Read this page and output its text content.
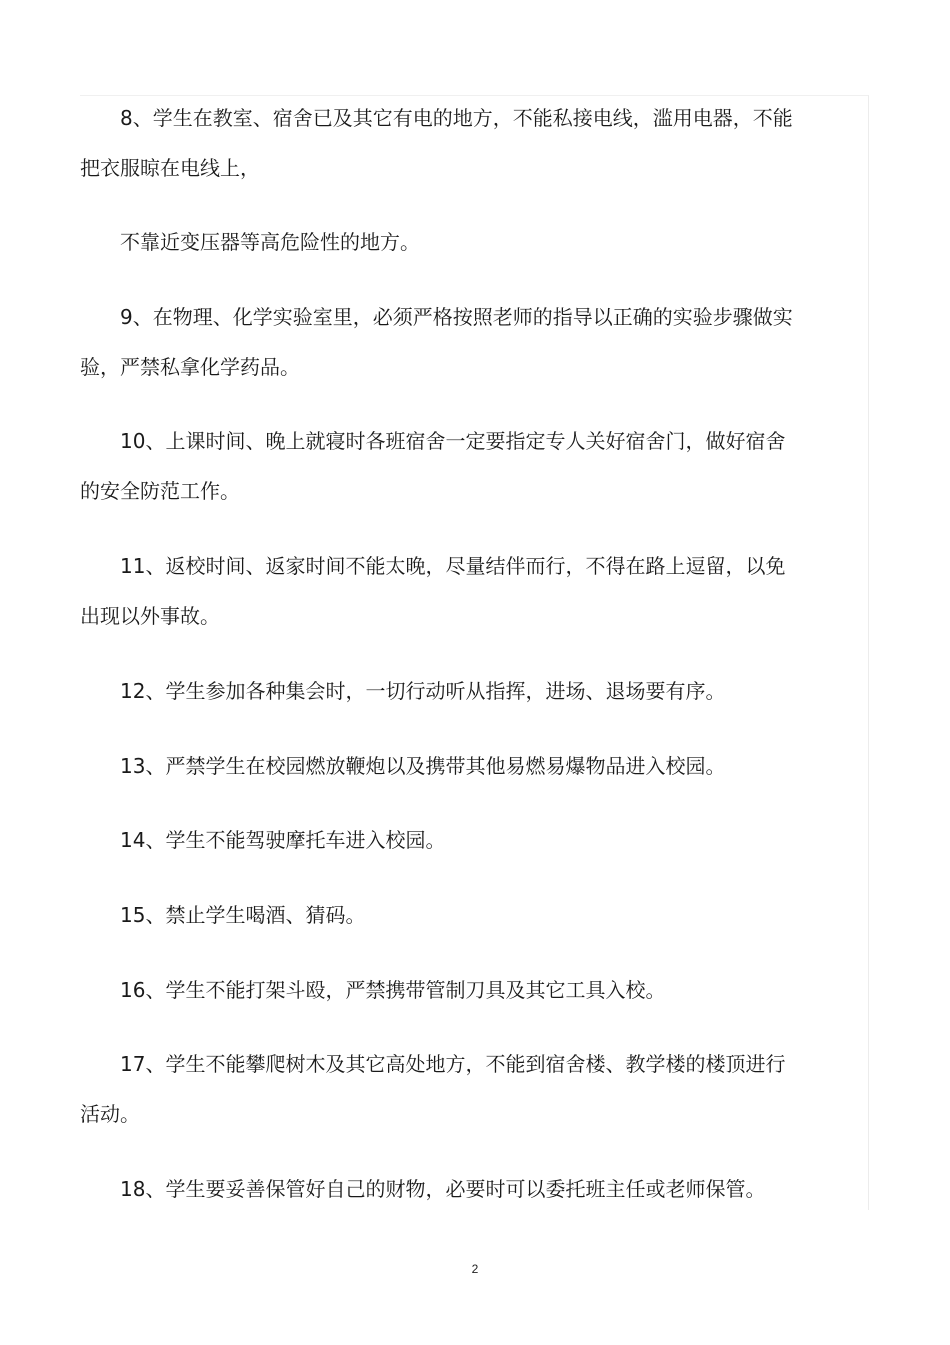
8、学生在教室、宿舍已及其它有电的地方，不能私接电线，滥用电器，不能
把衣服晾在电线上，
不靠近变压器等高危险性的地方。
9、在物理、化学实验室里，必须严格按照老师的指导以正确的实验步骤做实
验，严禁私拿化学药品。
10、上课时间、晚上就寝时各班宿舍一定要指定专人关好宿舍门，做好宿舍
的安全防范工作。
11、返校时间、返家时间不能太晚，尽量结伴而行，不得在路上逗留，以免
出现以外事故。
12、学生参加各种集会时，一切行动听从指挥，进场、退场要有序。
13、严禁学生在校园燃放鞭炮以及携带其他易燃易爆物品进入校园。
14、学生不能驾驶摩托车进入校园。
15、禁止学生喝酒、猜码。
16、学生不能打架斗殴，严禁携带管制刀具及其它工具入校。
17、学生不能攀爬树木及其它高处地方，不能到宿舍楼、教学楼的楼顶进行
活动。
18、学生要妥善保管好自己的财物，必要时可以委托班主任或老师保管。
2
